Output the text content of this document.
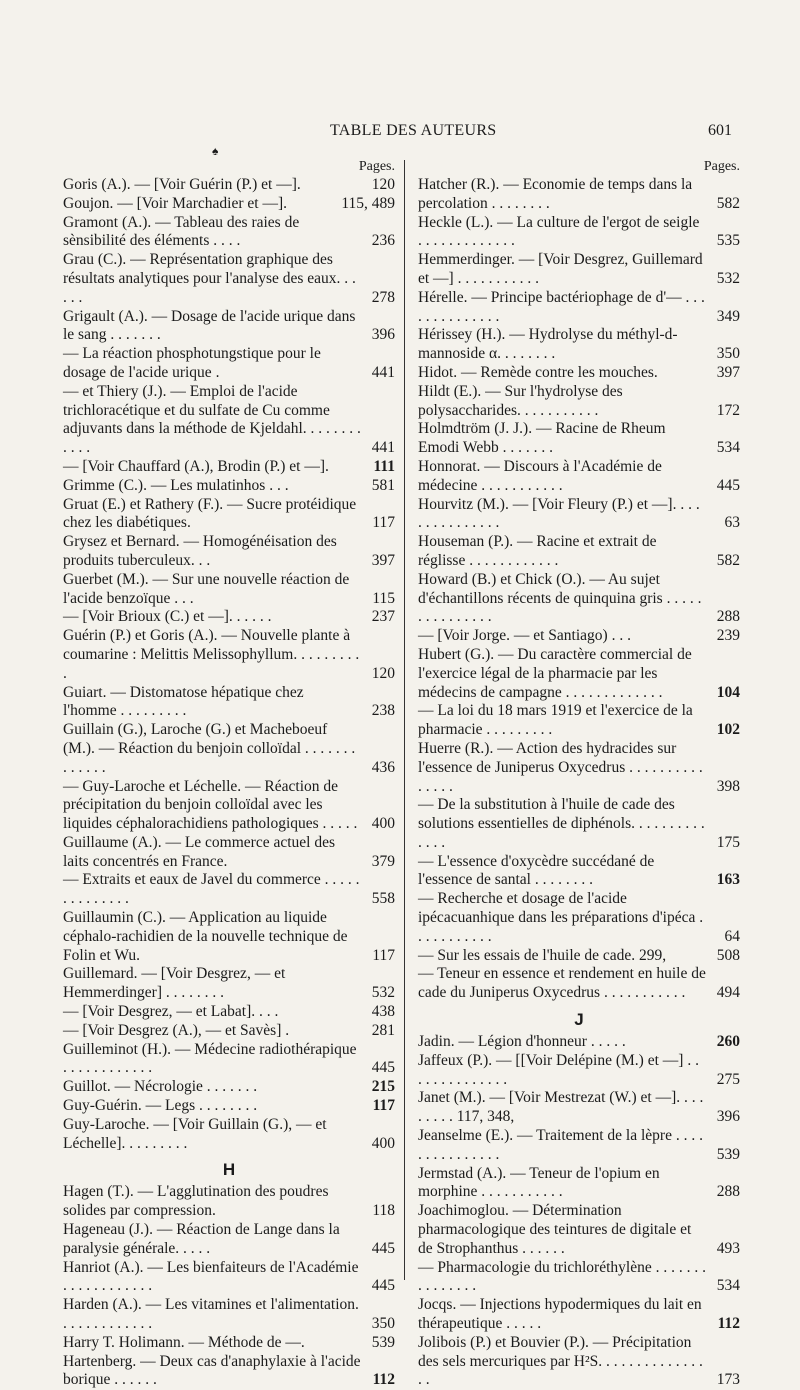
TABLE DES AUTEURS	601
♠
Pages.
Goris (A.). — [Voir Guérin (P.) et —].	120
Goujon. — [Voir Marchadier et —].	115, 489
Gramont (A.). — Tableau des raies de sènsibilité des éléments . . . .	236
Grau (C.). — Représentation graphique des résultats analytiques pour l'analyse des eaux. . . . . .	278
Grigault (A.). — Dosage de l'acide urique dans le sang . . . . . . .	396
— La réaction phosphotungstique pour le dosage de l'acide urique .	441
— et Thiery (J.). — Emploi de l'acide trichloracétique et du sulfate de Cu comme adjuvants dans la méthode de Kjeldahl. . . . . . . . . . . .	441
— [Voir Chauffard (A.), Brodin (P.) et —].	111
Grimme (C.). — Les mulatinhos . . .	581
Gruat (E.) et Rathery (F.). — Sucre protéidique chez les diabétiques.	117
Grysez et Bernard. — Homogénéisation des produits tuberculeux. . .	397
Guerbet (M.). — Sur une nouvelle réaction de l'acide benzoïque . . .	115
— [Voir Brioux (C.) et —]. . . . . .	237
Guérin (P.) et Goris (A.). — Nouvelle plante à coumarine : Melittis Melissophyllum. . . . . . . . . .	120
Guiart. — Distomatose hépatique chez l'homme . . . . . . . . .	238
Guillain (G.), Laroche (G.) et Macheboeuf (M.). — Réaction du benjoin colloïdal . . . . . . . . . . . . .	436
— Guy-Laroche et Léchelle. — Réaction de précipitation du benjoin colloïdal avec les liquides céphalorachidiens pathologiques . . . . . 400
Guillaume (A.). — Le commerce actuel des laits concentrés en France.	379
— Extraits et eaux de Javel du commerce . . . . . . . . . . . . . .	558
Guillaumin (C.). — Application au liquide céphalo-rachidien de la nouvelle technique de Folin et Wu.	117
Guillemard. — [Voir Desgrez, — et Hemmerdinger] . . . . . . . .	532
— [Voir Desgrez, — et Labat]. . . .	438
— [Voir Desgrez (A.), — et Savès] .	281
Guilleminot (H.). — Médecine radiothérapique . . . . . . . . . . . .	445
Guillot. — Nécrologie . . . . . . .	215
Guy-Guérin. — Legs . . . . . . . .	117
Guy-Laroche. — [Voir Guillain (G.), — et Léchelle]. . . . . . . . .	400
H
Hagen (T.). — L'agglutination des poudres solides par compression.	118
Hageneau (J.). — Réaction de Lange dans la paralysie générale. . . . .	445
Hanriot (A.). — Les bienfaiteurs de l'Académie . . . . . . . . . . . .	445
Harden (A.). — Les vitamines et l'alimentation. . . . . . . . . . . . .	350
Harry T. Holimann. — Méthode de —.	539
Hartenberg. — Deux cas d'anaphylaxie à l'acide borique . . . . . .	112
Pages.
Hatcher (R.). — Economie de temps dans la percolation . . . . . . . .	582
Heckle (L.). — La culture de l'ergot de seigle . . . . . . . . . . . . .	535
Hemmerdinger. — [Voir Desgrez, Guillemard et —] . . . . . . . . . . .	532
Hérelle. — Principe bactériophage de d'— . . . . . . . . . . . . . .	349
Hérissey (H.). — Hydrolyse du méthyl-d-mannoside α. . . . . . . .	350
Hidot. — Remède contre les mouches.	397
Hildt (E.). — Sur l'hydrolyse des polysaccharides. . . . . . . . . . .	172
Holmdtröm (J. J.). — Racine de Rheum Emodi Webb . . . . . . .	534
Honnorat. — Discours à l'Académie de médecine . . . . . . . . . . .	445
Hourvitz (M.). — [Voir Fleury (P.) et —]. . . . . . . . . . . . . . .	63
Houseman (P.). — Racine et extrait de réglisse . . . . . . . . . . . .	582
Howard (B.) et Chick (O.). — Au sujet d'échantillons récents de quinquina gris . . . . . . . . . . . . . . .	288
— [Voir Jorge. — et Santiago) . . .	239
Hubert (G.). — Du caractère commercial de l'exercice légal de la pharmacie par les médecins de campagne . . . . . . . . . . . . .	104
— La loi du 18 mars 1919 et l'exercice de la pharmacie . . . . . . . . .	102
Huerre (R.). — Action des hydracides sur l'essence de Juniperus Oxycedrus . . . . . . . . . . . . . . .	398
— De la substitution à l'huile de cade des solutions essentielles de diphénols. . . . . . . . . . . . . .	175
— L'essence d'oxycèdre succédané de l'essence de santal . . . . . . . .	163
— Recherche et dosage de l'acide ipécacuanhique dans les préparations d'ipéca . . . . . . . . . . .	64
— Sur les essais de l'huile de cade. 299,	508
— Teneur en essence et rendement en huile de cade du Juniperus Oxycedrus . . . . . . . . . . . 494
J
Jadin. — Légion d'honneur . . . . .	260
Jaffeux (P.). — [[Voir Delépine (M.) et —] . . . . . . . . . . . . . .	275
Janet (M.). — [Voir Mestrezat (W.) et —]. . . . . . . . . 117, 348,	396
Jeanselme (E.). — Traitement de la lèpre . . . . . . . . . . . . . . .	539
Jermstad (A.). — Teneur de l'opium en morphine . . . . . . . . . . .	288
Joachimoglou. — Détermination pharmacologique des teintures de digitale et de Strophanthus . . . . . .	493
— Pharmacologie du trichloréthylène . . . . . . . . . . . . . . .	534
Jocqs. — Injections hypodermiques du lait en thérapeutique . . . . .	112
Jolibois (P.) et Bouvier (P.). — Précipitation des sels mercuriques par H²S. . . . . . . . . . . . . . . .	173
